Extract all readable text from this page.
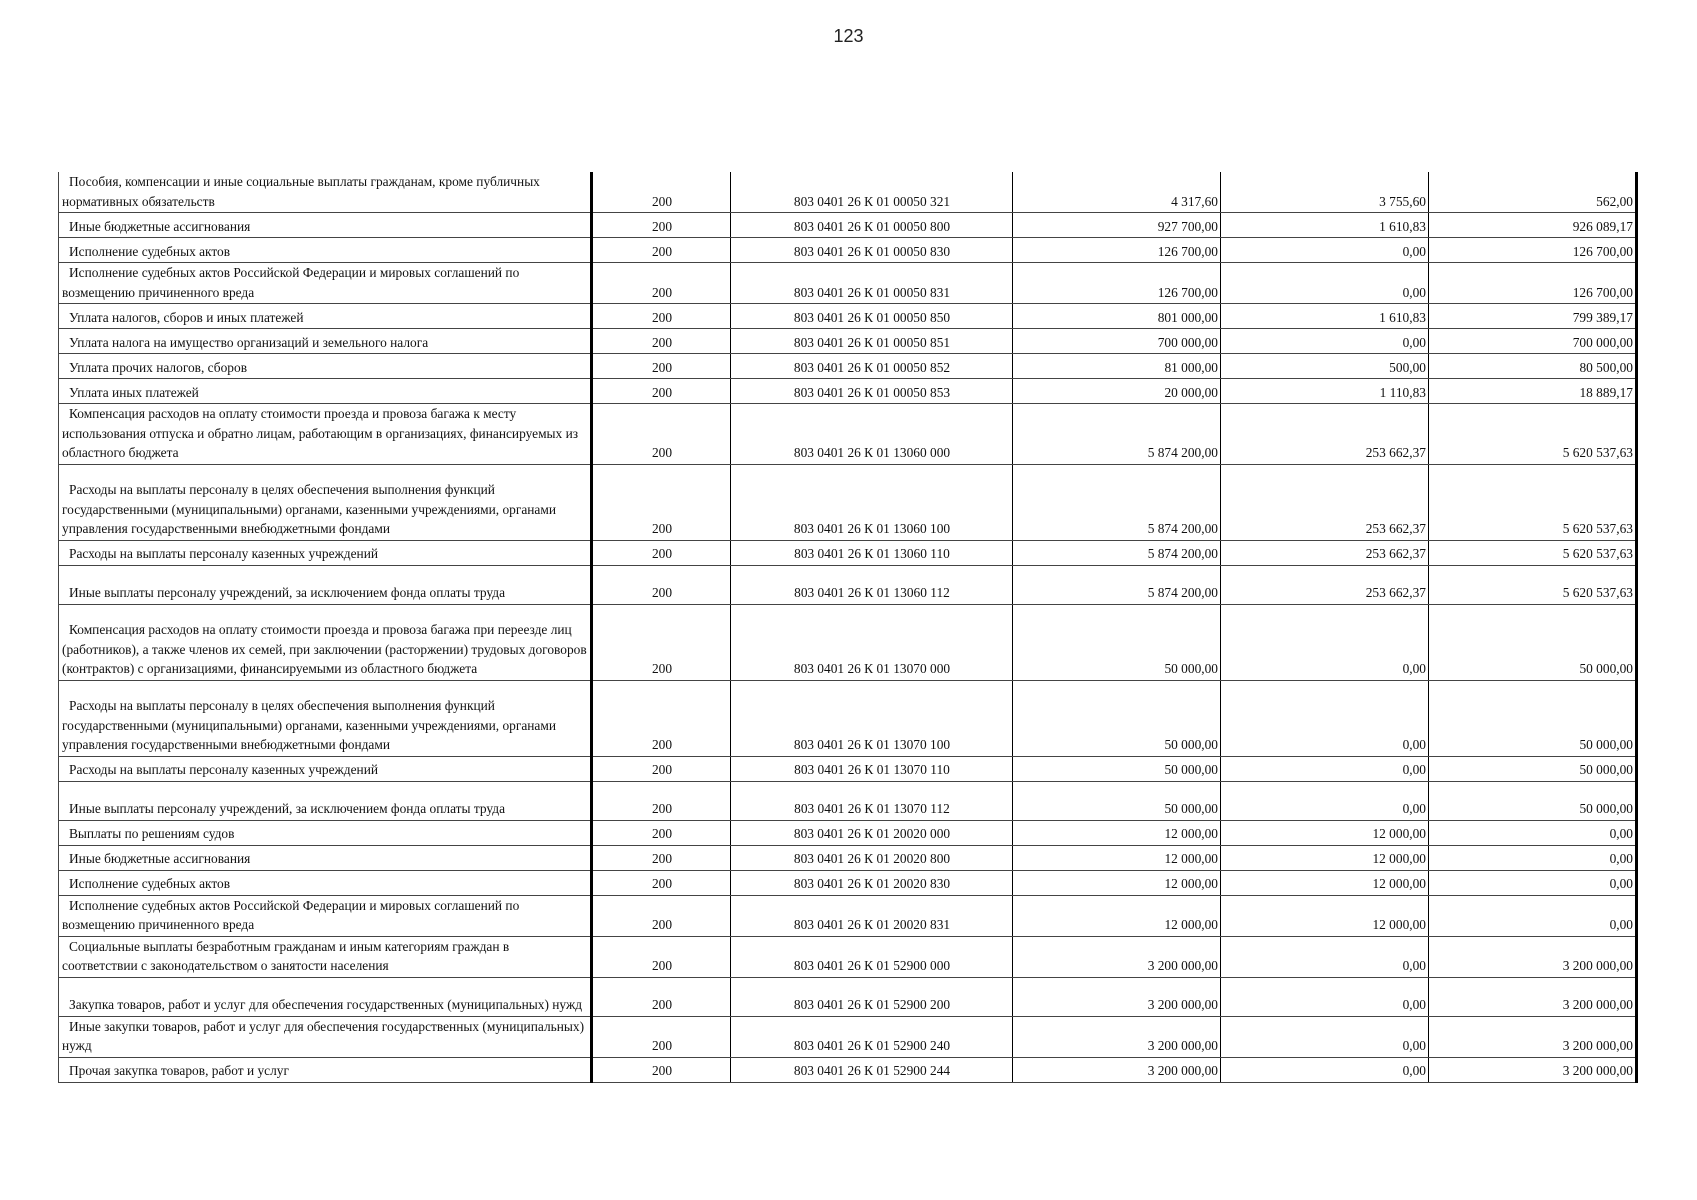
123
Пособия, компенсации и иные социальные выплаты гражданам, кроме публичных нормативных обязательств	200	803 0401 26 К 01 00050 321	4 317,60	3 755,60	562,00
Иные бюджетные ассигнования	200	803 0401 26 К 01 00050 800	927 700,00	1 610,83	926 089,17
Исполнение судебных актов	200	803 0401 26 К 01 00050 830	126 700,00	0,00	126 700,00
Исполнение судебных актов Российской Федерации и мировых соглашений по возмещению причиненного вреда	200	803 0401 26 К 01 00050 831	126 700,00	0,00	126 700,00
Уплата налогов, сборов и иных платежей	200	803 0401 26 К 01 00050 850	801 000,00	1 610,83	799 389,17
Уплата налога на имущество организаций и земельного налога	200	803 0401 26 К 01 00050 851	700 000,00	0,00	700 000,00
Уплата прочих налогов, сборов	200	803 0401 26 К 01 00050 852	81 000,00	500,00	80 500,00
Уплата иных платежей	200	803 0401 26 К 01 00050 853	20 000,00	1 110,83	18 889,17
Компенсация расходов на оплату стоимости проезда и провоза багажа к месту использования отпуска и обратно лицам, работающим в организациях, финансируемых из областного бюджета	200	803 0401 26 К 01 13060 000	5 874 200,00	253 662,37	5 620 537,63
Расходы на выплаты персоналу в целях обеспечения выполнения функций государственными (муниципальными) органами, казенными учреждениями, органами управления государственными внебюджетными фондами	200	803 0401 26 К 01 13060 100	5 874 200,00	253 662,37	5 620 537,63
Расходы на выплаты персоналу казенных учреждений	200	803 0401 26 К 01 13060 110	5 874 200,00	253 662,37	5 620 537,63
Иные выплаты персоналу учреждений, за исключением фонда оплаты труда	200	803 0401 26 К 01 13060 112	5 874 200,00	253 662,37	5 620 537,63
Компенсация расходов на оплату стоимости проезда и провоза багажа при переезде лиц (работников), а также членов их семей, при заключении (расторжении) трудовых договоров (контрактов) с организациями, финансируемыми из областного бюджета	200	803 0401 26 К 01 13070 000	50 000,00	0,00	50 000,00
Расходы на выплаты персоналу в целях обеспечения выполнения функций государственными (муниципальными) органами, казенными учреждениями, органами управления государственными внебюджетными фондами	200	803 0401 26 К 01 13070 100	50 000,00	0,00	50 000,00
Расходы на выплаты персоналу казенных учреждений	200	803 0401 26 К 01 13070 110	50 000,00	0,00	50 000,00
Иные выплаты персоналу учреждений, за исключением фонда оплаты труда	200	803 0401 26 К 01 13070 112	50 000,00	0,00	50 000,00
Выплаты по решениям судов	200	803 0401 26 К 01 20020 000	12 000,00	12 000,00	0,00
Иные бюджетные ассигнования	200	803 0401 26 К 01 20020 800	12 000,00	12 000,00	0,00
Исполнение судебных актов	200	803 0401 26 К 01 20020 830	12 000,00	12 000,00	0,00
Исполнение судебных актов Российской Федерации и мировых соглашений по возмещению причиненного вреда	200	803 0401 26 К 01 20020 831	12 000,00	12 000,00	0,00
Социальные выплаты безработным гражданам и иным категориям граждан в соответствии с законодательством о занятости населения	200	803 0401 26 К 01 52900 000	3 200 000,00	0,00	3 200 000,00
Закупка товаров, работ и услуг для обеспечения государственных (муниципальных) нужд	200	803 0401 26 К 01 52900 200	3 200 000,00	0,00	3 200 000,00
Иные закупки товаров, работ и услуг для обеспечения государственных (муниципальных) нужд	200	803 0401 26 К 01 52900 240	3 200 000,00	0,00	3 200 000,00
Прочая закупка товаров, работ и услуг	200	803 0401 26 К 01 52900 244	3 200 000,00	0,00	3 200 000,00
